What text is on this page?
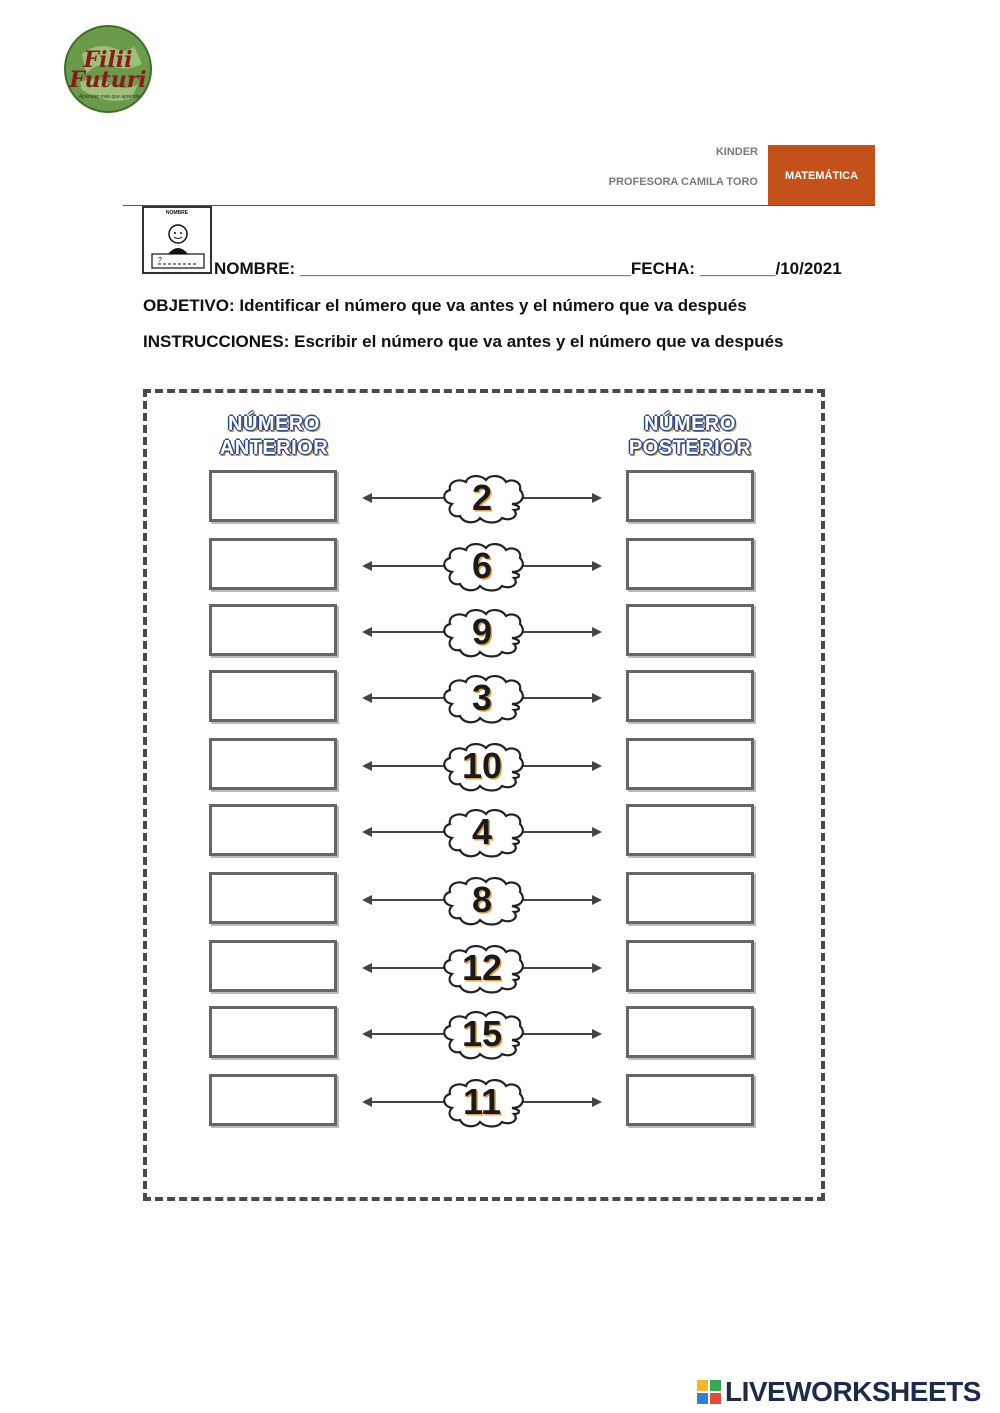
Filii
Futuri
Aprender más que aprender
KINDER
PROFESORA CAMILA TORO
MATEMÁTICA
NOMBRE
?	NOMBRE: ___________________________________FECHA: ________/10/2021
OBJETIVO: Identificar el número que va antes y el número que va después
INSTRUCCIONES: Escribir el número que va antes y el número que va después
NÚMERO
ANTERIOR
NÚMERO
POSTERIOR
2
6
9
3
10
4
8
12
15
11
LIVEWORKSHEETS
